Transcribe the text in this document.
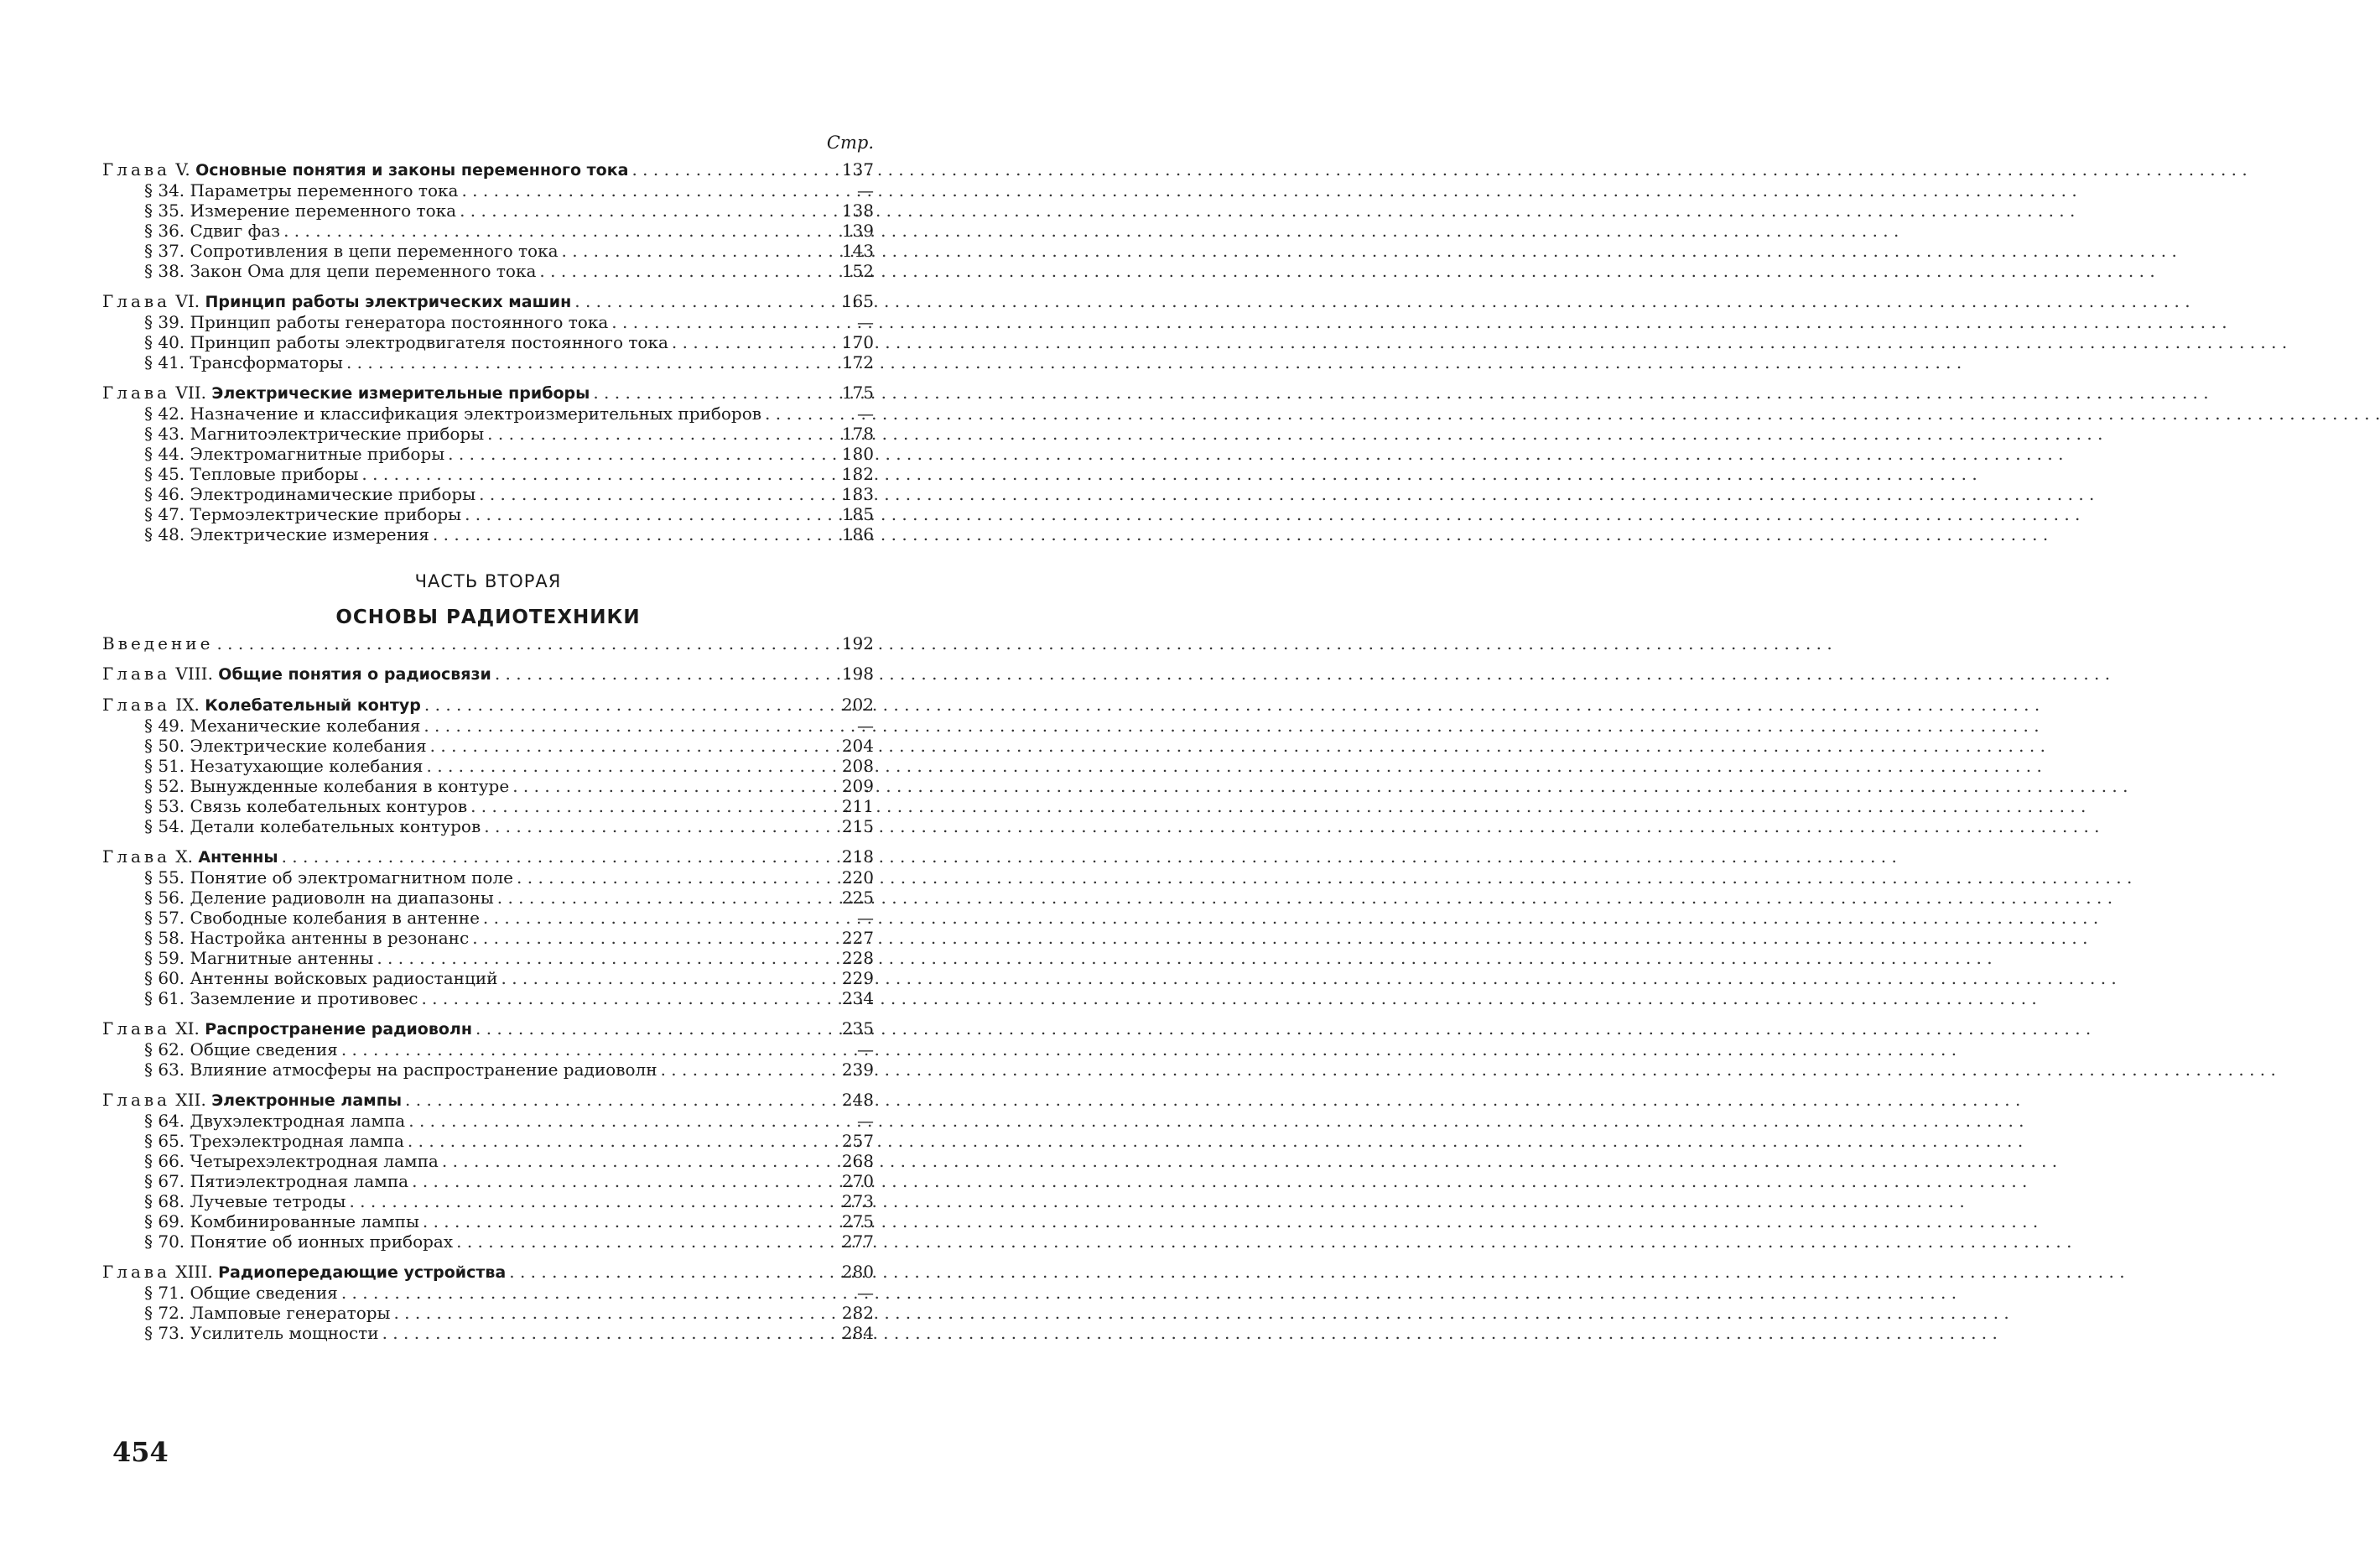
Стр.
Глава V. Основные понятия и законы переменного тока . . .	137
§ 34. Параметры переменного тока . . .	—
§ 35. Измерение переменного тока . . .	138
§ 36. Сдвиг фаз . . .	139
§ 37. Сопротивления в цепи переменного тока . . .	143
§ 38. Закон Ома для цепи переменного тока . . .	152
Глава VI. Принцип работы электрических машин . . .	165
§ 39. Принцип работы генератора постоянного тока . . .	—
§ 40. Принцип работы электродвигателя постоянного тока . . .	170
§ 41. Трансформаторы . . .	172
Глава VII. Электрические измерительные приборы . . .	175
§ 42. Назначение и классификация электроизмерительных приборов . . .	—
§ 43. Магнитоэлектрические приборы . . .	178
§ 44. Электромагнитные приборы . . .	180
§ 45. Тепловые приборы . . .	182
§ 46. Электродинамические приборы . . .	183
§ 47. Термоэлектрические приборы . . .	185
§ 48. Электрические измерения . . .	186
ЧАСТЬ ВТОРАЯ
ОСНОВЫ РАДИОТЕХНИКИ
Введение . . .	192
Глава VIII. Общие понятия о радиосвязи . . .	198
Глава IX. Колебательный контур . . .	202
§ 49. Механические колебания . . .	—
§ 50. Электрические колебания . . .	204
§ 51. Незатухающие колебания . . .	208
§ 52. Вынужденные колебания в контуре . . .	209
§ 53. Связь колебательных контуров . . .	211
§ 54. Детали колебательных контуров . . .	215
Глава X. Антенны . . .	218
§ 55. Понятие об электромагнитном поле . . .	220
§ 56. Деление радиоволн на диапазоны . . .	225
§ 57. Свободные колебания в антенне . . .	—
§ 58. Настройка антенны в резонанс . . .	227
§ 59. Магнитные антенны . . .	228
§ 60. Антенны войсковых радиостанций . . .	229
§ 61. Заземление и противовес . . .	234
Глава XI. Распространение радиоволн . . .	235
§ 62. Общие сведения . . .	—
§ 63. Влияние атмосферы на распространение радиоволн . . .	239
Глава XII. Электронные лампы . . .	248
§ 64. Двухэлектродная лампа . . .	—
§ 65. Трехэлектродная лампа . . .	257
§ 66. Четырехэлектродная лампа . . .	268
§ 67. Пятиэлектродная лампа . . .	270
§ 68. Лучевые тетроды . . .	273
§ 69. Комбинированные лампы . . .	275
§ 70. Понятие об ионных приборах . . .	277
Глава XIII. Радиопередающие устройства . . .	280
§ 71. Общие сведения . . .	—
§ 72. Ламповые генераторы . . .	282
§ 73. Усилитель мощности . . .	284
454
